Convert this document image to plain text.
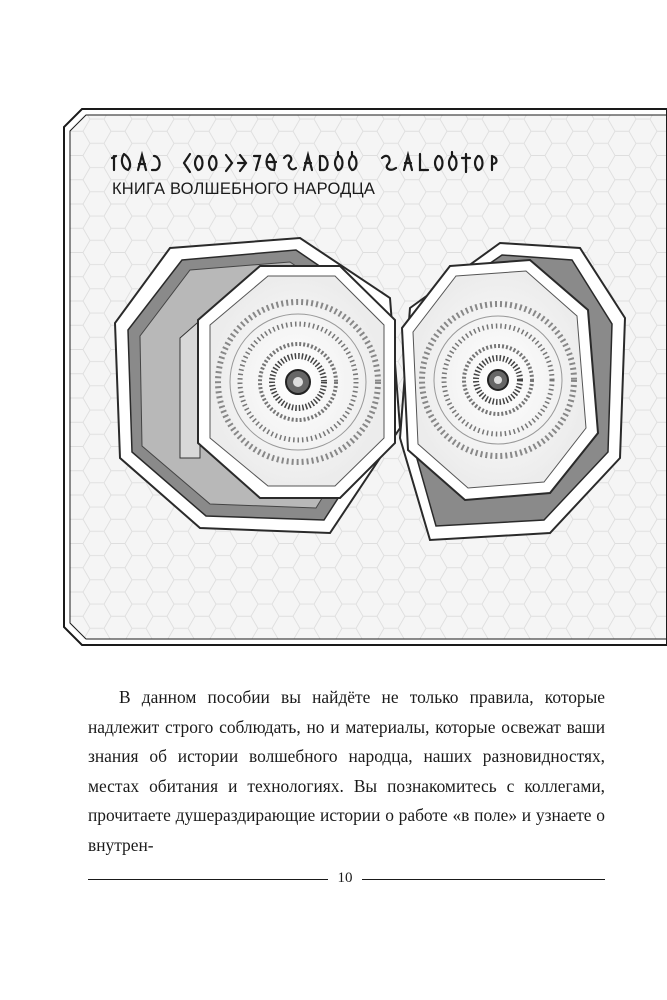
КНИГА ВОЛШЕБНОГО НАРОДЦА

В данном пособии вы найдёте не только правила, которые надлежит строго соблюдать, но и материалы, которые освежат ваши знания об истории волшебного народца, наших разновидностях, местах обитания и технологиях. Вы познакомитесь с коллегами, прочитаете душераздирающие истории о работе «в поле» и узнаете о внутрен-

10
